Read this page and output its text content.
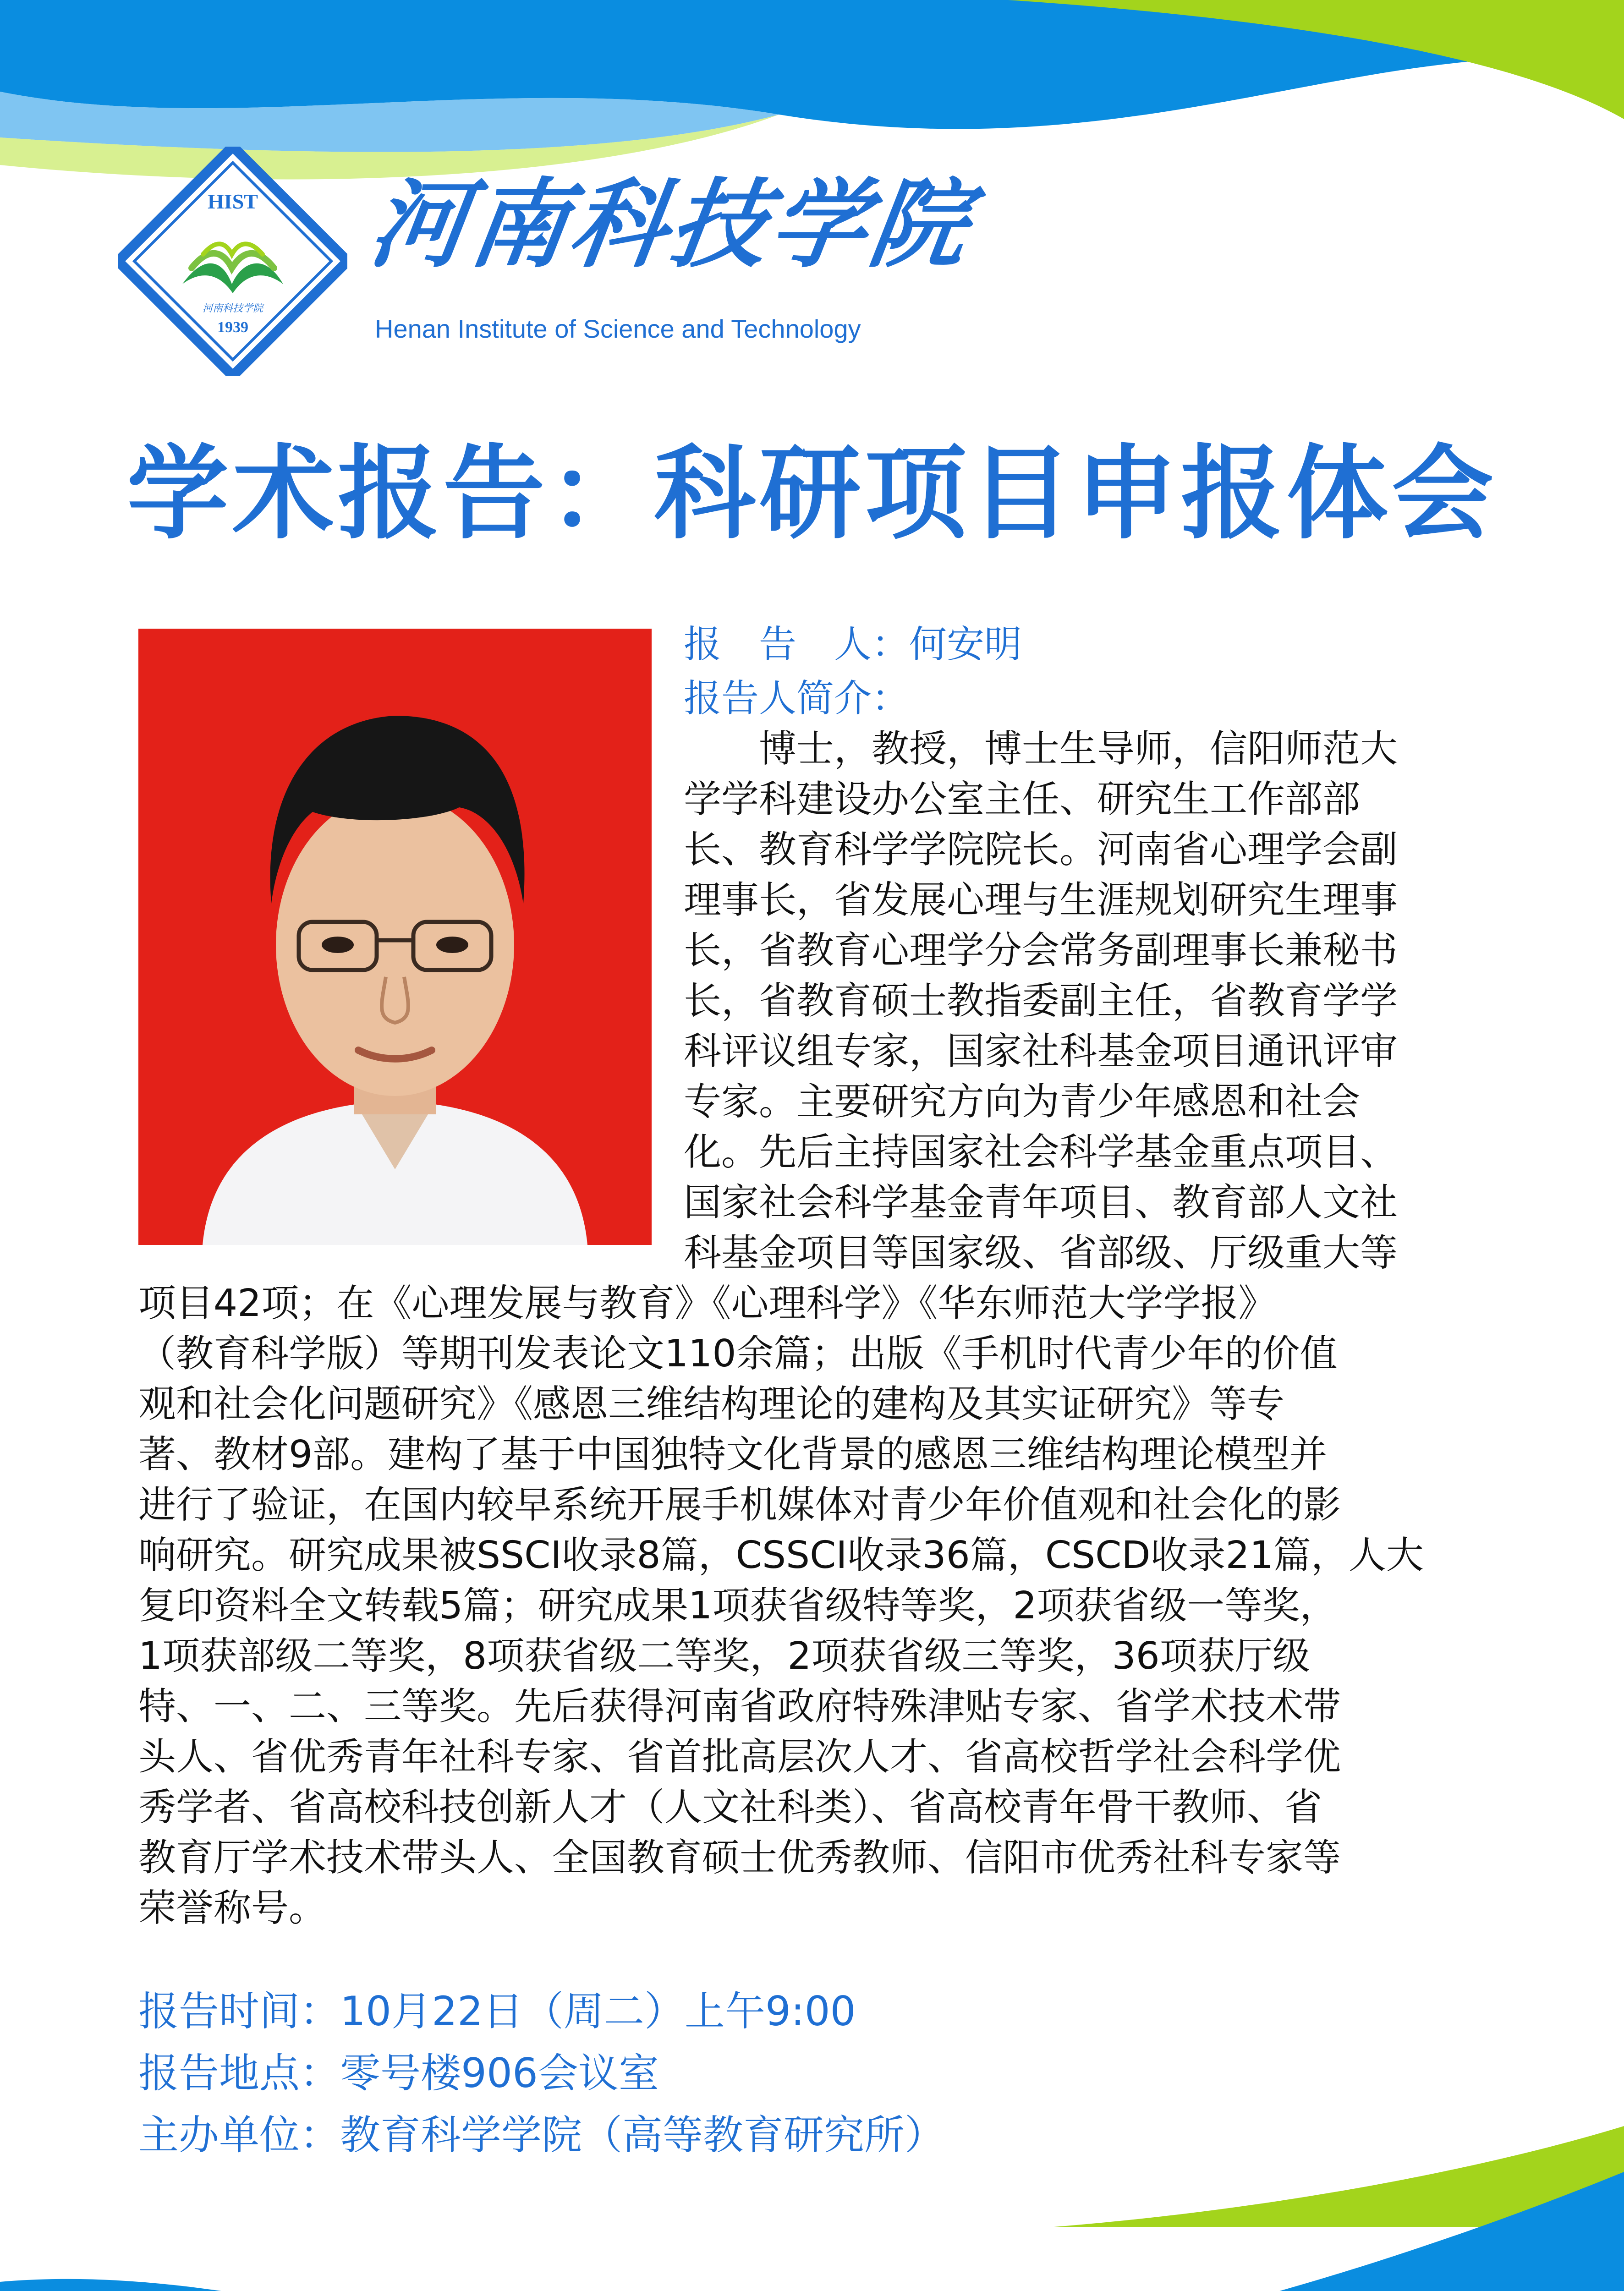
HIST
河南科技学院
1939
河南科技学院
Henan Institute of Science and Technology
学术报告：科研项目申报体会
报　告　人：何安明
报告人简介：
　　博士，教授，博士生导师，信阳师范大
学学科建设办公室主任、研究生工作部部
长、教育科学学院院长。河南省心理学会副
理事长，省发展心理与生涯规划研究生理事
长，省教育心理学分会常务副理事长兼秘书
长，省教育硕士教指委副主任，省教育学学
科评议组专家，国家社科基金项目通讯评审
专家。主要研究方向为青少年感恩和社会
化。先后主持国家社会科学基金重点项目、
国家社会科学基金青年项目、教育部人文社
科基金项目等国家级、省部级、厅级重大等
项目42项；在《心理发展与教育》《心理科学》《华东师范大学学报》
（教育科学版）等期刊发表论文110余篇；出版《手机时代青少年的价值
观和社会化问题研究》《感恩三维结构理论的建构及其实证研究》等专
著、教材9部。建构了基于中国独特文化背景的感恩三维结构理论模型并
进行了验证，在国内较早系统开展手机媒体对青少年价值观和社会化的影
响研究。研究成果被SSCI收录8篇，CSSCI收录36篇，CSCD收录21篇，人大
复印资料全文转载5篇；研究成果1项获省级特等奖，2项获省级一等奖，
1项获部级二等奖，8项获省级二等奖，2项获省级三等奖，36项获厅级
特、一、二、三等奖。先后获得河南省政府特殊津贴专家、省学术技术带
头人、省优秀青年社科专家、省首批高层次人才、省高校哲学社会科学优
秀学者、省高校科技创新人才（人文社科类）、省高校青年骨干教师、省
教育厅学术技术带头人、全国教育硕士优秀教师、信阳市优秀社科专家等
荣誉称号。
报告时间：10月22日（周二）上午9:00
报告地点：零号楼906会议室
主办单位：教育科学学院（高等教育研究所）
